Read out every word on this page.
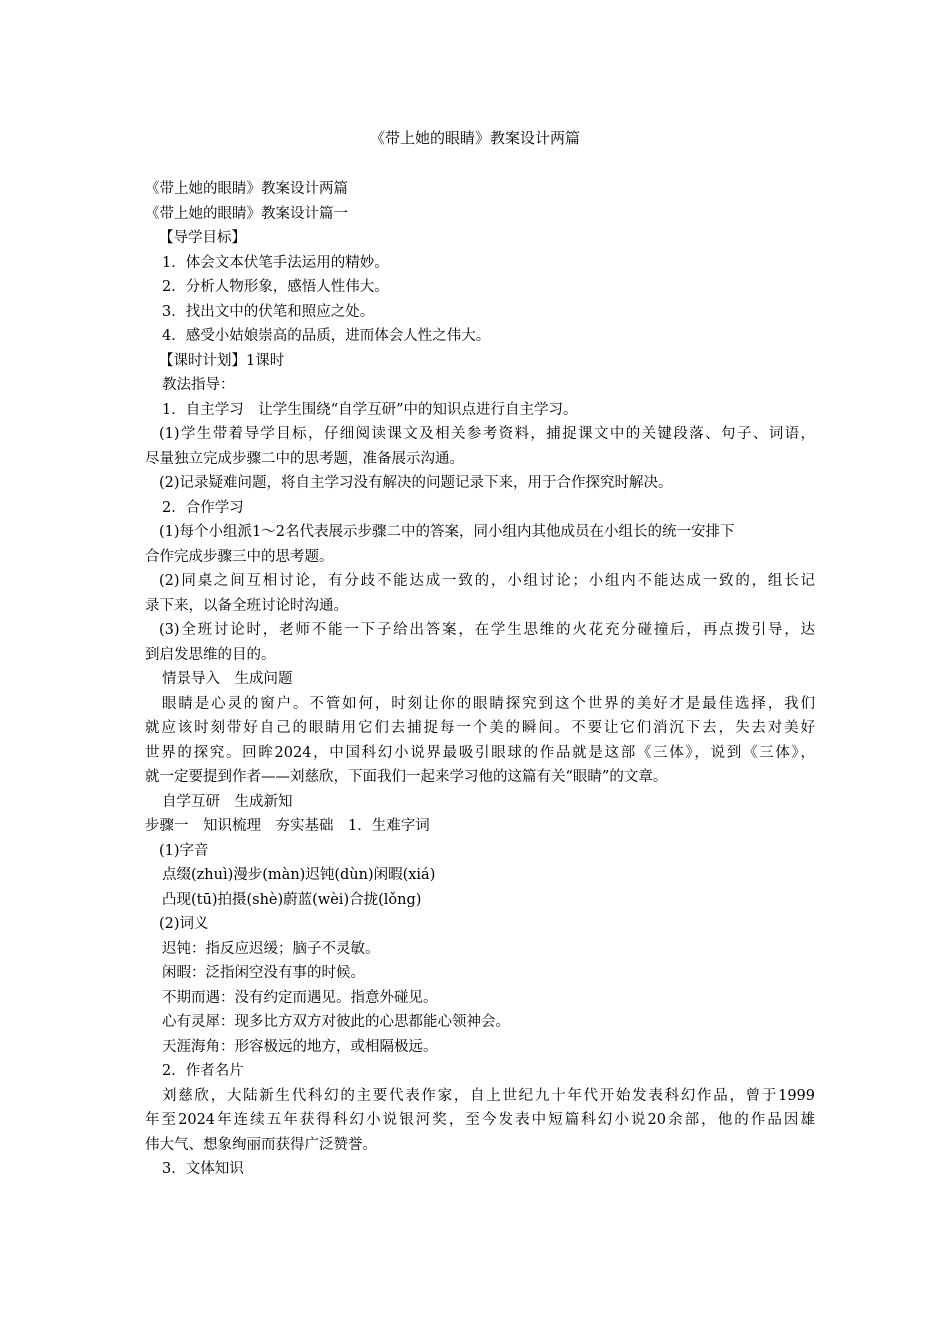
《带上她的眼睛》教案设计两篇
《带上她的眼睛》教案设计两篇
《带上她的眼睛》教案设计篇一
【导学目标】
1．体会文本伏笔手法运用的精妙。
2．分析人物形象，感悟人性伟大。
3．找出文中的伏笔和照应之处。
4．感受小姑娘崇高的品质，进而体会人性之伟大。
【课时计划】1课时
教法指导：
1．自主学习　让学生围绕“自学互研”中的知识点进行自主学习。
(1)学生带着导学目标，仔细阅读课文及相关参考资料，捕捉课文中的关键段落、句子、词语，
尽量独立完成步骤二中的思考题，准备展示沟通。
(2)记录疑难问题，将自主学习没有解决的问题记录下来，用于合作探究时解决。
2．合作学习
(1)每个小组派1～2名代表展示步骤二中的答案，同小组内其他成员在小组长的统一安排下
合作完成步骤三中的思考题。
(2)同桌之间互相讨论，有分歧不能达成一致的，小组讨论；小组内不能达成一致的，组长记
录下来，以备全班讨论时沟通。
(3)全班讨论时，老师不能一下子给出答案，在学生思维的火花充分碰撞后，再点拨引导，达
到启发思维的目的。
情景导入　生成问题
眼睛是心灵的窗户。不管如何，时刻让你的眼睛探究到这个世界的美好才是最佳选择，我们
就应该时刻带好自己的眼睛用它们去捕捉每一个美的瞬间。不要让它们消沉下去，失去对美好
世界的探究。回眸2024，中国科幻小说界最吸引眼球的作品就是这部《三体》，说到《三体》，
就一定要提到作者——刘慈欣，下面我们一起来学习他的这篇有关“眼睛”的文章。
自学互研　生成新知
步骤一　知识梳理　夯实基础　1．生难字词
(1)字音
点缀(zhuì)漫步(màn)迟钝(dùn)闲暇(xiá)
凸现(tū)拍摄(shè)蔚蓝(wèi)合拢(lǒng)
(2)词义
迟钝：指反应迟缓；脑子不灵敏。
闲暇：泛指闲空没有事的时候。
不期而遇：没有约定而遇见。指意外碰见。
心有灵犀：现多比方双方对彼此的心思都能心领神会。
天涯海角：形容极远的地方，或相隔极远。
2．作者名片
刘慈欣，大陆新生代科幻的主要代表作家，自上世纪九十年代开始发表科幻作品，曾于1999
年至2024年连续五年获得科幻小说银河奖，至今发表中短篇科幻小说20余部，他的作品因雄
伟大气、想象绚丽而获得广泛赞誉。
3．文体知识
